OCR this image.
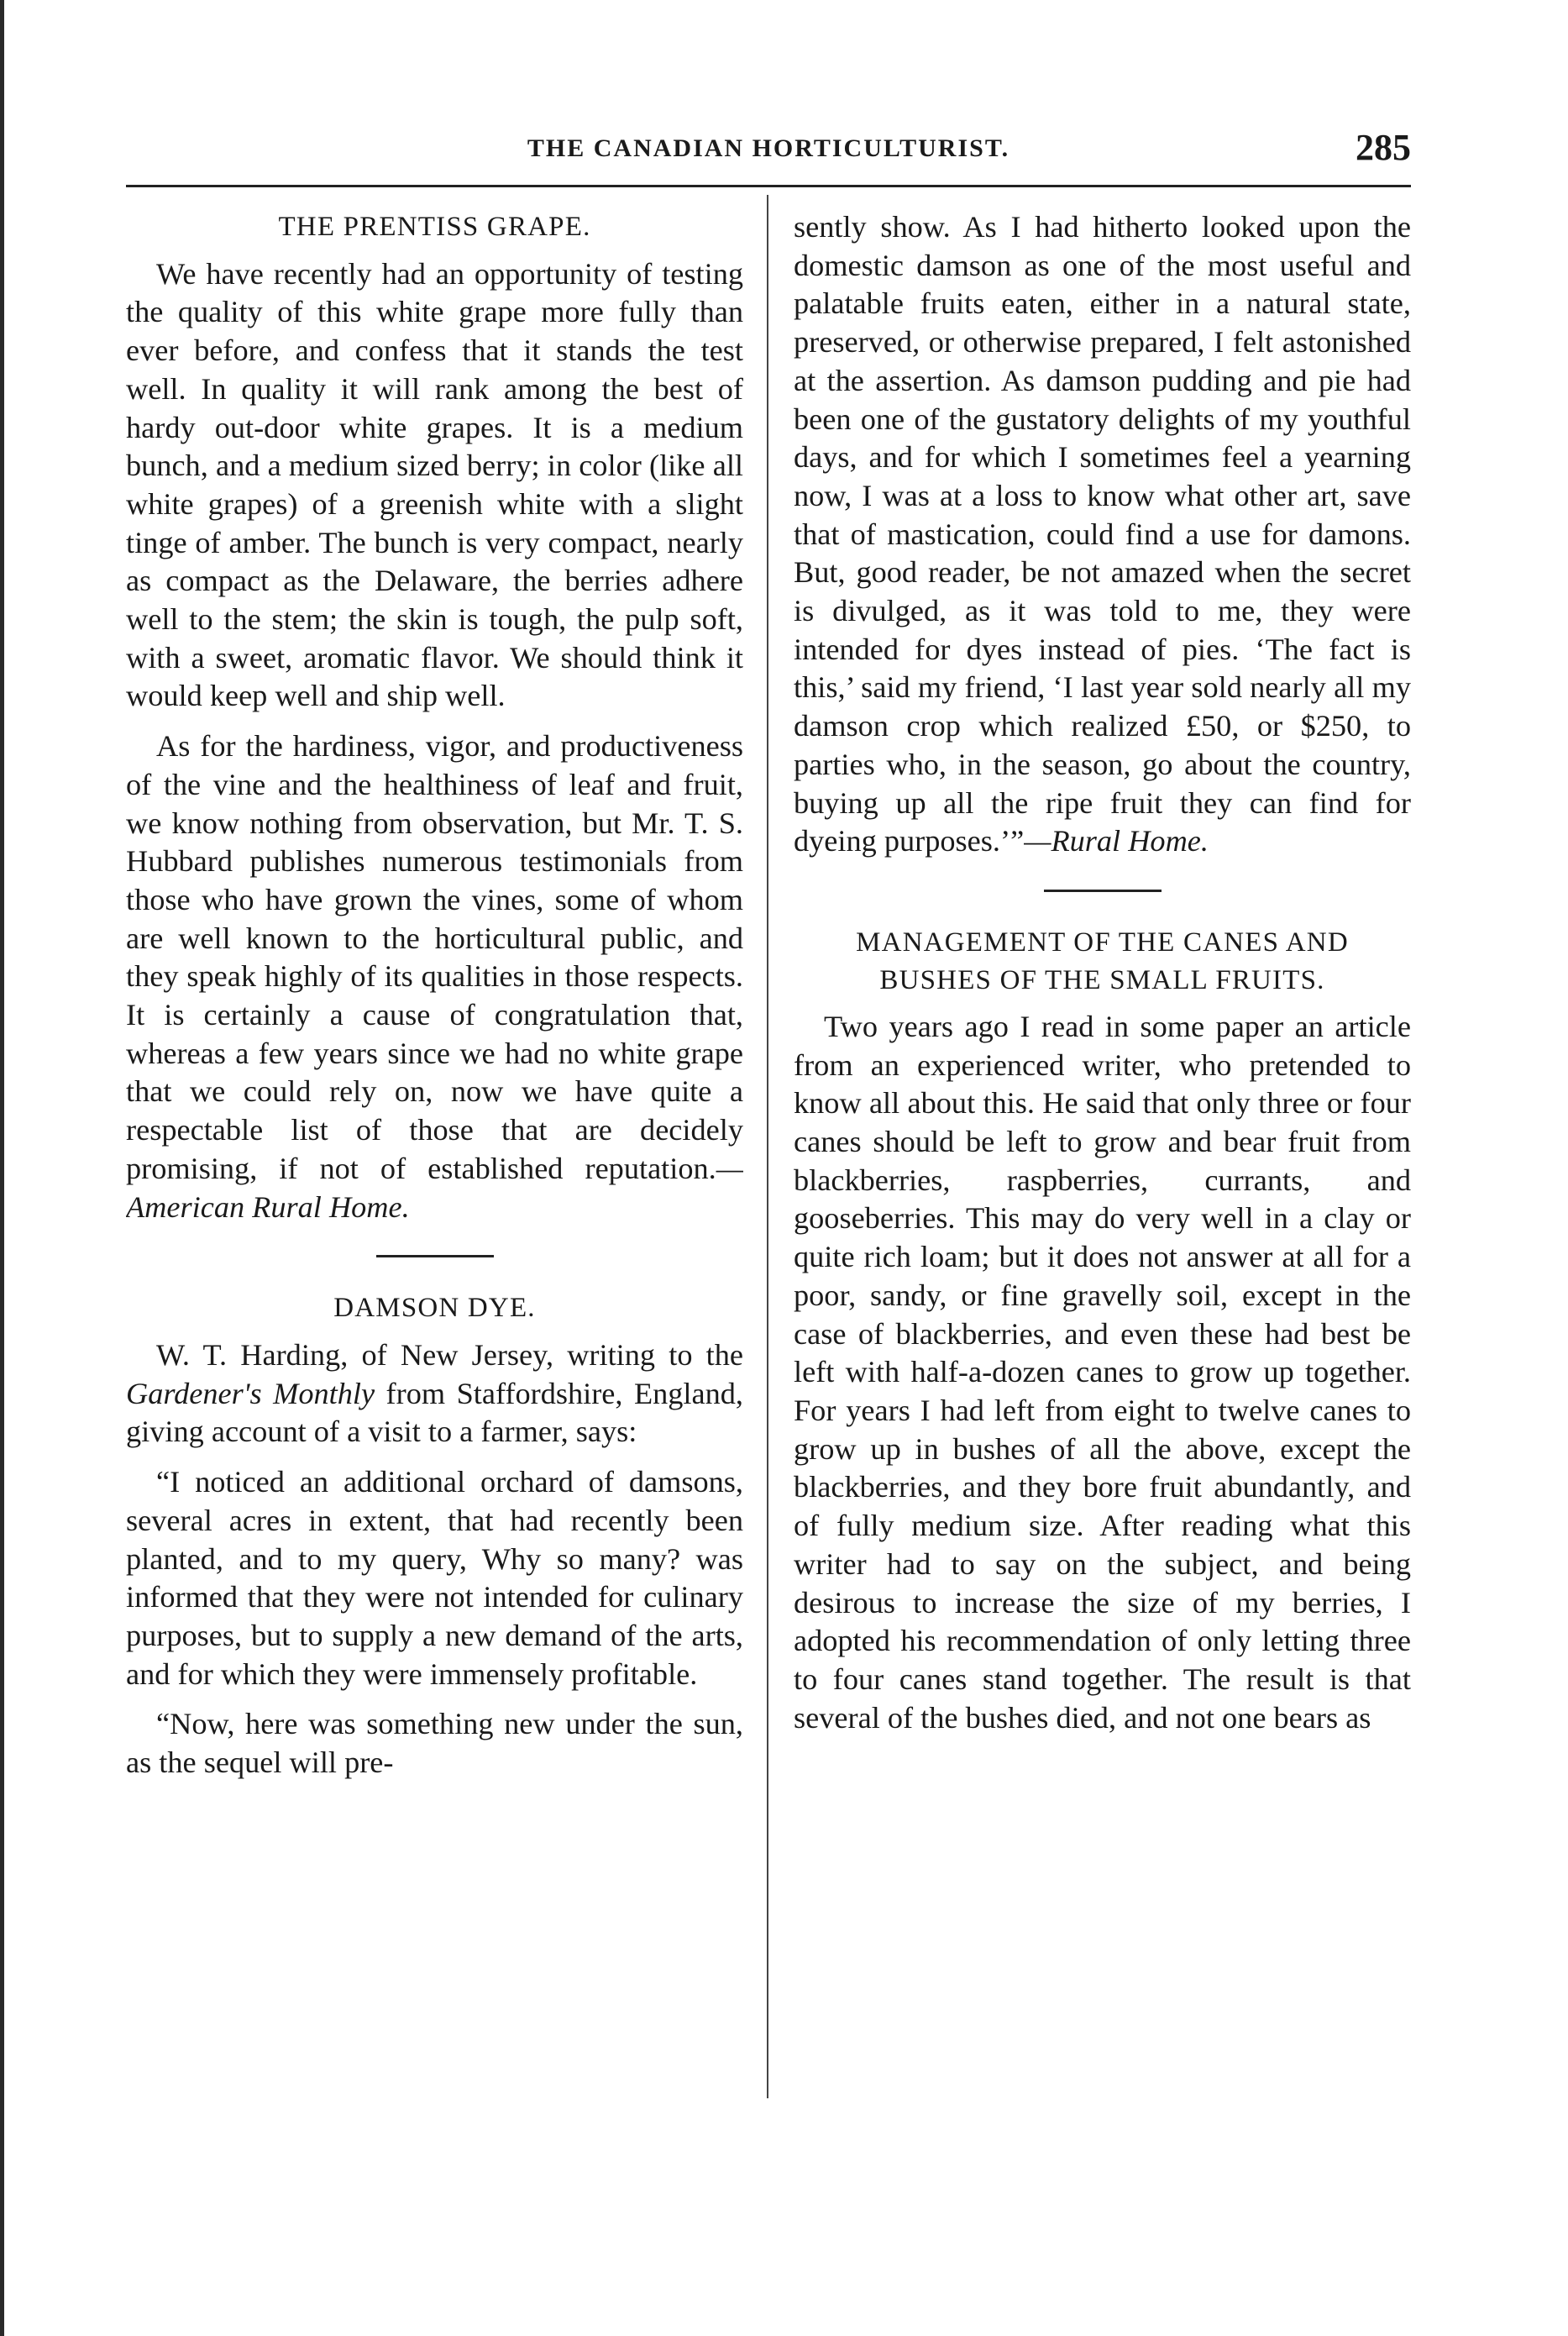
THE CANADIAN HORTICULTURIST.	285
THE PRENTISS GRAPE.

We have recently had an opportunity of testing the quality of this white grape more fully than ever before, and confess that it stands the test well. In quality it will rank among the best of hardy out-door white grapes. It is a medium bunch, and a medium sized berry; in color (like all white grapes) of a greenish white with a slight tinge of amber. The bunch is very compact, nearly as compact as the Delaware, the berries adhere well to the stem; the skin is tough, the pulp soft, with a sweet, aromatic flavor. We should think it would keep well and ship well.

As for the hardiness, vigor, and productiveness of the vine and the healthiness of leaf and fruit, we know nothing from observation, but Mr. T. S. Hubbard publishes numerous testimonials from those who have grown the vines, some of whom are well known to the horticultural public, and they speak highly of its qualities in those respects. It is certainly a cause of congratulation that, whereas a few years since we had no white grape that we could rely on, now we have quite a respectable list of those that are decidely promising, if not of established reputation.—American Rural Home.

DAMSON DYE.

W. T. Harding, of New Jersey, writing to the Gardener's Monthly from Staffordshire, England, giving account of a visit to a farmer, says:

“I noticed an additional orchard of damsons, several acres in extent, that had recently been planted, and to my query, Why so many? was informed that they were not intended for culinary purposes, but to supply a new demand of the arts, and for which they were immensely profitable.

“Now, here was something new under the sun, as the sequel will pre-

sently show. As I had hitherto looked upon the domestic damson as one of the most useful and palatable fruits eaten, either in a natural state, preserved, or otherwise prepared, I felt astonished at the assertion. As damson pudding and pie had been one of the gustatory delights of my youthful days, and for which I sometimes feel a yearning now, I was at a loss to know what other art, save that of mastication, could find a use for damons. But, good reader, be not amazed when the secret is divulged, as it was told to me, they were intended for dyes instead of pies. ‘The fact is this,’ said my friend, ‘I last year sold nearly all my damson crop which realized £50, or $250, to parties who, in the season, go about the country, buying up all the ripe fruit they can find for dyeing purposes.’”—Rural Home.

MANAGEMENT OF THE CANES AND
BUSHES OF THE SMALL FRUITS.

Two years ago I read in some paper an article from an experienced writer, who pretended to know all about this. He said that only three or four canes should be left to grow and bear fruit from blackberries, raspberries, currants, and gooseberries. This may do very well in a clay or quite rich loam; but it does not answer at all for a poor, sandy, or fine gravelly soil, except in the case of blackberries, and even these had best be left with half-a-dozen canes to grow up together. For years I had left from eight to twelve canes to grow up in bushes of all the above, except the blackberries, and they bore fruit abundantly, and of fully medium size. After reading what this writer had to say on the subject, and being desirous to increase the size of my berries, I adopted his recommendation of only letting three to four canes stand together. The result is that several of the bushes died, and not one bears as
